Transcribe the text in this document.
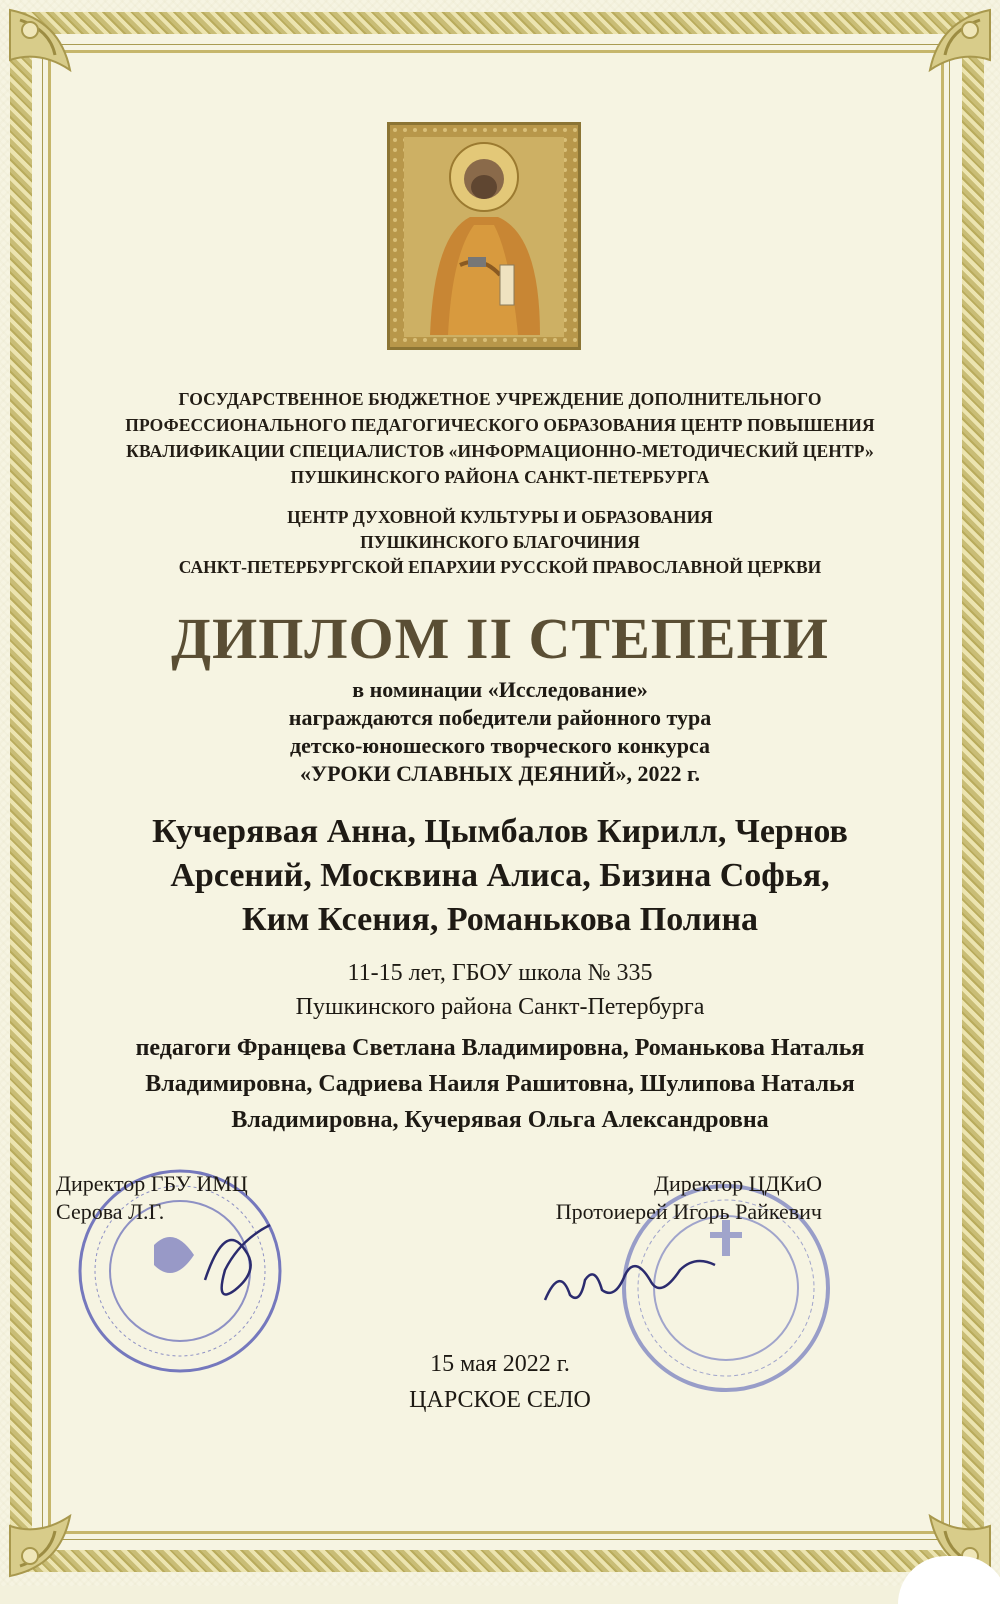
ГОСУДАРСТВЕННОЕ БЮДЖЕТНОЕ УЧРЕЖДЕНИЕ ДОПОЛНИТЕЛЬНОГО
ПРОФЕССИОНАЛЬНОГО ПЕДАГОГИЧЕСКОГО ОБРАЗОВАНИЯ ЦЕНТР ПОВЫШЕНИЯ
КВАЛИФИКАЦИИ СПЕЦИАЛИСТОВ «ИНФОРМАЦИОННО-МЕТОДИЧЕСКИЙ ЦЕНТР»
ПУШКИНСКОГО РАЙОНА САНКТ-ПЕТЕРБУРГА
ЦЕНТР ДУХОВНОЙ КУЛЬТУРЫ И ОБРАЗОВАНИЯ
ПУШКИНСКОГО БЛАГОЧИНИЯ
САНКТ-ПЕТЕРБУРГСКОЙ ЕПАРХИИ РУССКОЙ ПРАВОСЛАВНОЙ ЦЕРКВИ
ДИПЛОМ II СТЕПЕНИ
в номинации «Исследование»
награждаются победители районного тура
детско-юношеского творческого конкурса
«УРОКИ СЛАВНЫХ ДЕЯНИЙ», 2022 г.
Кучерявая Анна, Цымбалов Кирилл, Чернов
Арсений, Москвина Алиса, Бизина Софья,
Ким Ксения, Романькова Полина
11-15 лет, ГБОУ школа № 335
Пушкинского района Санкт-Петербурга
педагоги Францева Светлана Владимировна, Романькова Наталья
Владимировна, Садриева Наиля Рашитовна, Шулипова Наталья
Владимировна, Кучерявая Ольга Александровна
Директор ГБУ ИМЦ
Серова Л.Г.
Директор ЦДКиО
Протоиерей Игорь Райкевич
15 мая 2022 г.
ЦАРСКОЕ СЕЛО
